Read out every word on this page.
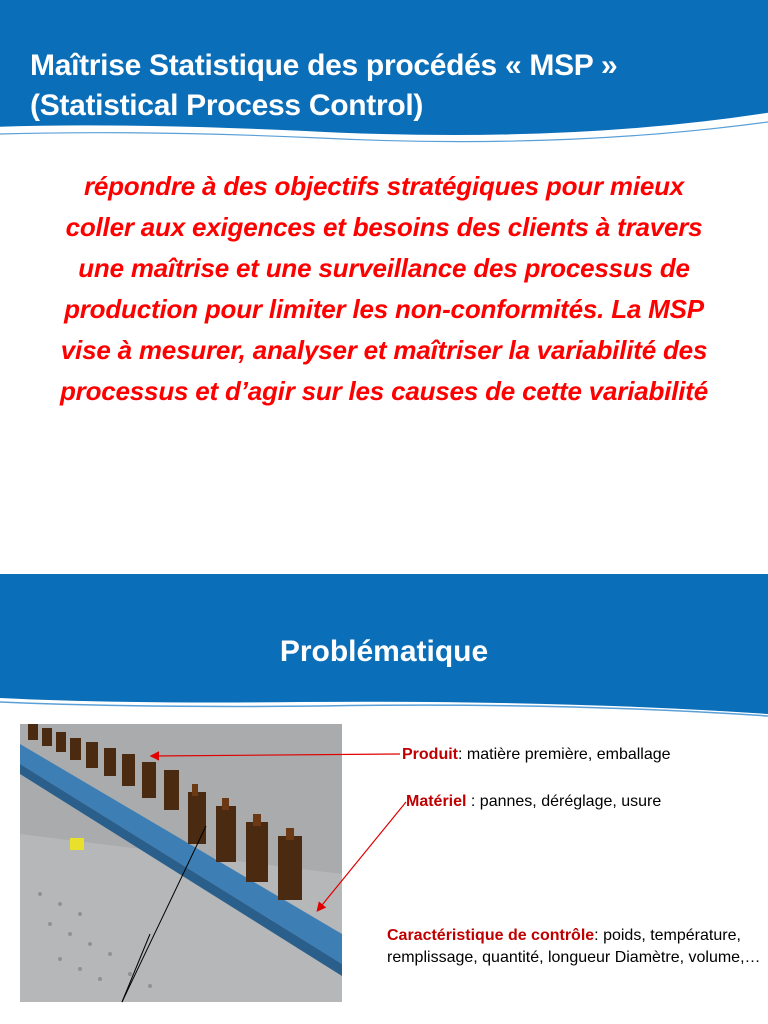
Maîtrise Statistique des procédés « MSP »
(Statistical Process Control)
répondre à des objectifs stratégiques pour mieux coller aux exigences et besoins des clients à travers une maîtrise et une surveillance des processus de production pour limiter les non-conformités. La MSP vise à mesurer, analyser et maîtriser la variabilité des processus et d’agir sur les causes de cette variabilité
Problématique
Produit: matière première, emballage
Matériel : pannes, déréglage, usure
Caractéristique de contrôle: poids, température, remplissage, quantité, longueur Diamètre, volume,…
